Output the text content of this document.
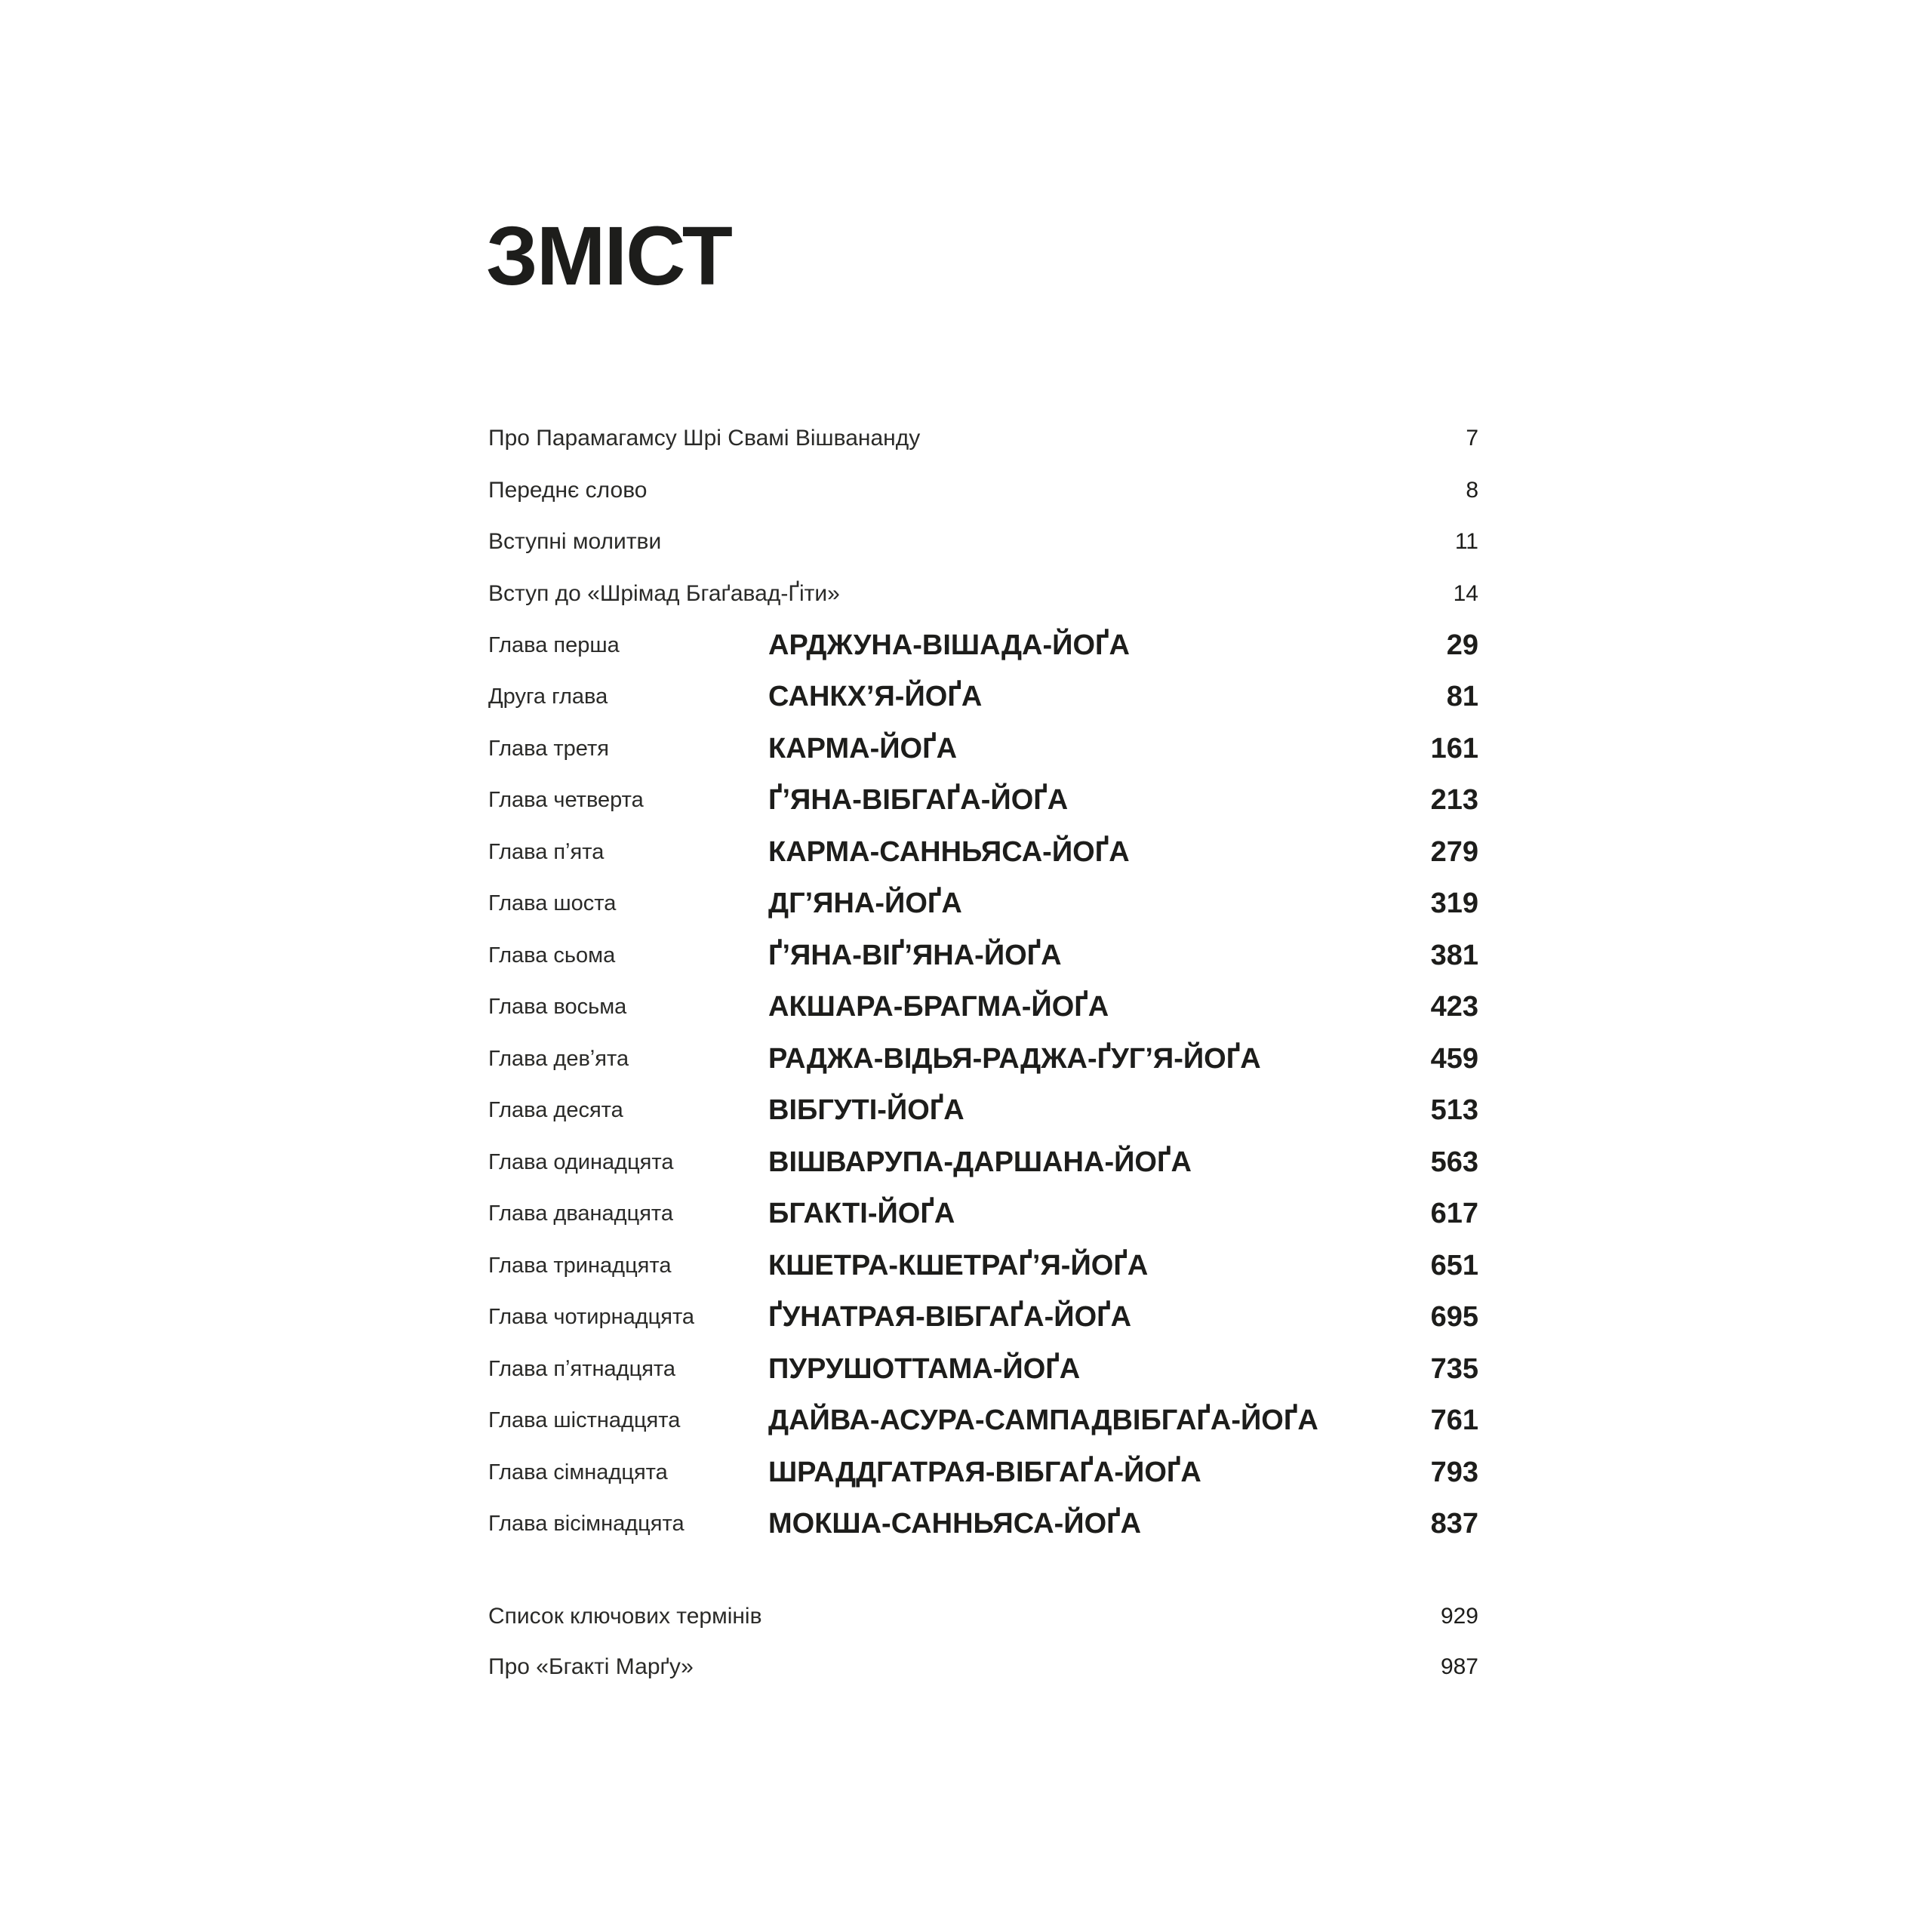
ЗМІСТ
Про Парамагамсу Шрі Свамі Вішвананду	7
Переднє слово	8
Вступні молитви	11
Вступ до «Шрімад Бгаґавад-Ґіти»	14
Глава перша	АРДЖУНА-ВІШАДА-ЙОҐА	29
Друга глава	САНКХ’Я-ЙОҐА	81
Глава третя	КАРМА-ЙОҐА	161
Глава четверта	ҐʼЯНА-ВІБГАҐА-ЙОҐА	213
Глава пʼята	КАРМА-САННЬЯСА-ЙОҐА	279
Глава шоста	ДГʼЯНА-ЙОҐА	319
Глава сьома	ҐʼЯНА-ВІҐʼЯНА-ЙОҐА	381
Глава восьма	АКШАРА-БРАГМА-ЙОҐА	423
Глава девʼята	РАДЖА-ВІДЬЯ-РАДЖА-ҐУГʼЯ-ЙОҐА	459
Глава десята	ВІБГУТІ-ЙОҐА	513
Глава одинадцята	ВІШВАРУПА-ДАРШАНА-ЙОҐА	563
Глава дванадцята	БГАКТІ-ЙОҐА	617
Глава тринадцята	КШЕТРА-КШЕТРАҐʼЯ-ЙОҐА	651
Глава чотирнадцята	ҐУНАТРАЯ-ВІБГАҐА-ЙОҐА	695
Глава пʼятнадцята	ПУРУШОТТАМА-ЙОҐА	735
Глава шістнадцята	ДАЙВА-АСУРА-САМПАДВІБГАҐА-ЙОҐА	761
Глава сімнадцята	ШРАДДГАТРАЯ-ВІБГАҐА-ЙОҐА	793
Глава вісімнадцята	МОКША-САННЬЯСА-ЙОҐА	837
Список ключових термінів	929
Про «Бгакті Марґу»	987
